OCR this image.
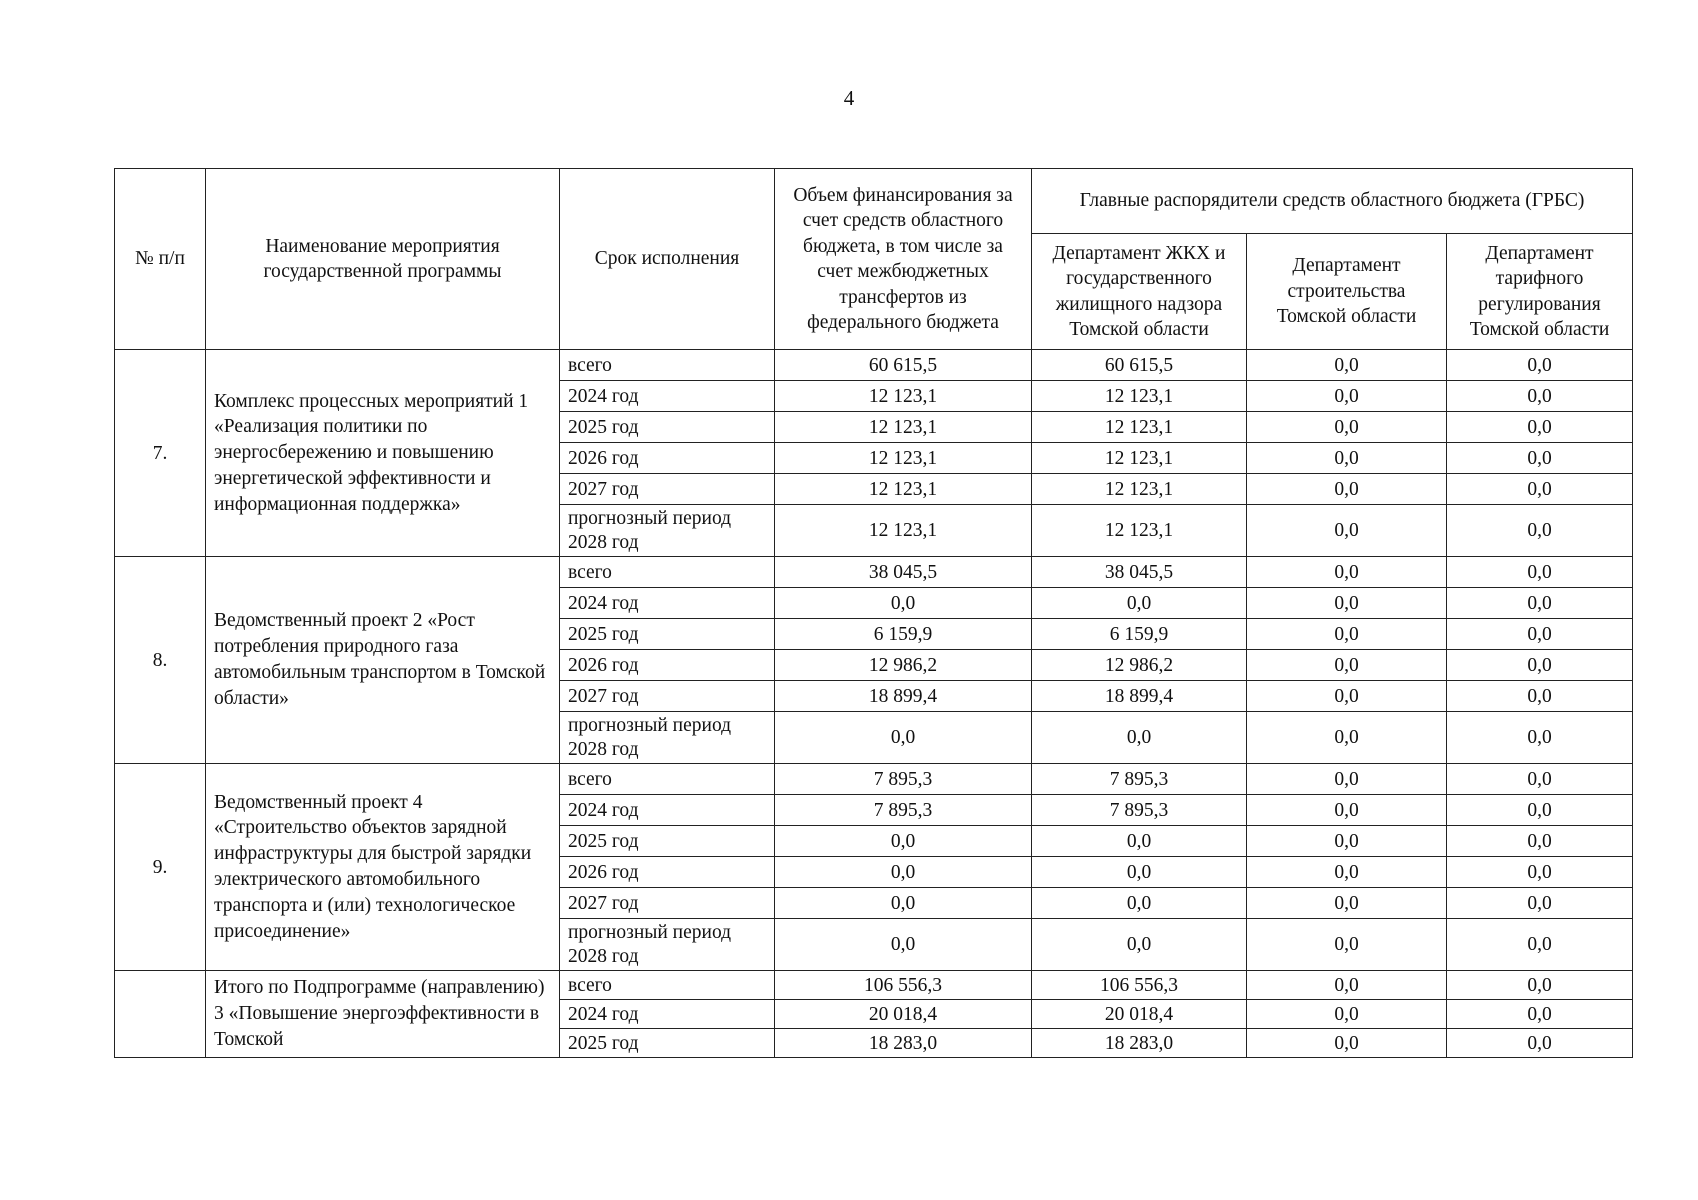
4
№ п/п	Наименование мероприятия государственной программы	Срок исполнения	Объем финансирования за счет средств областного бюджета, в том числе за счет межбюджетных трансфертов из федерального бюджета	Главные распорядители средств областного бюджета (ГРБС)		
				Департамент ЖКХ и государственного жилищного надзора Томской области	Департамент строительства Томской области	Департамент тарифного регулирования Томской области
7.	Комплекс процессных мероприятий 1 «Реализация политики по энергосбережению и повышению энергетической эффективности и информационная поддержка»	всего	60 615,5	60 615,5	0,0	0,0
		2024 год	12 123,1	12 123,1	0,0	0,0
		2025 год	12 123,1	12 123,1	0,0	0,0
		2026 год	12 123,1	12 123,1	0,0	0,0
		2027 год	12 123,1	12 123,1	0,0	0,0
		прогнозный период 2028 год	12 123,1	12 123,1	0,0	0,0
8.	Ведомственный проект 2 «Рост потребления природного газа автомобильным транспортом в Томской области»	всего	38 045,5	38 045,5	0,0	0,0
		2024 год	0,0	0,0	0,0	0,0
		2025 год	6 159,9	6 159,9	0,0	0,0
		2026 год	12 986,2	12 986,2	0,0	0,0
		2027 год	18 899,4	18 899,4	0,0	0,0
		прогнозный период 2028 год	0,0	0,0	0,0	0,0
9.	Ведомственный проект 4 «Строительство объектов зарядной инфраструктуры для быстрой зарядки электрического автомобильного транспорта и (или) технологическое присоединение»	всего	7 895,3	7 895,3	0,0	0,0
		2024 год	7 895,3	7 895,3	0,0	0,0
		2025 год	0,0	0,0	0,0	0,0
		2026 год	0,0	0,0	0,0	0,0
		2027 год	0,0	0,0	0,0	0,0
		прогнозный период 2028 год	0,0	0,0	0,0	0,0
	Итого по Подпрограмме (направлению) 3 «Повышение энергоэффективности в Томской	всего	106 556,3	106 556,3	0,0	0,0
		2024 год	20 018,4	20 018,4	0,0	0,0
		2025 год	18 283,0	18 283,0	0,0	0,0
